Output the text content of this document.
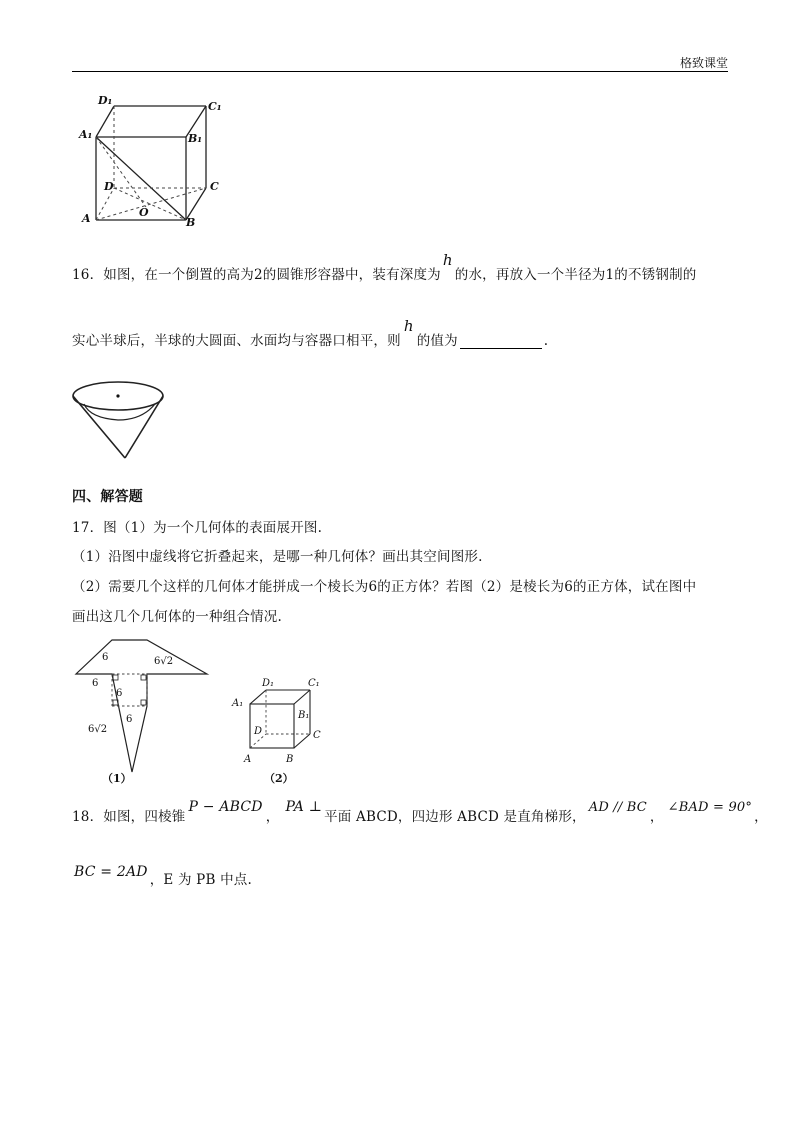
格致课堂
D₁	C₁
A₁	B₁
D	C
A	O
B
16．如图，在一个倒置的高为2的圆锥形容器中，装有深度为h的水，再放入一个半径为1的不锈钢制的
实心半球后，半球的大圆面、水面均与容器口相平，则h的值为	.
四、解答题
17．图（1）为一个几何体的表面展开图.
（1）沿图中虚线将它折叠起来，是哪一种几何体？画出其空间图形.
（2）需要几个这样的几何体才能拼成一个棱长为6的正方体？若图（2）是棱长为6的正方体，试在图中
画出这几个几何体的一种组合情况.
6	6√2
6
6
6
6√2
（1）
D₁	C₁
A₁
B₁
D	C
A	B
（2）
18．如图，四棱锥P − ABCD，PA ⊥平面 ABCD，四边形 ABCD 是直角梯形，AD // BC，∠BAD = 90°，
BC = 2AD ，E 为 PB 中点.
